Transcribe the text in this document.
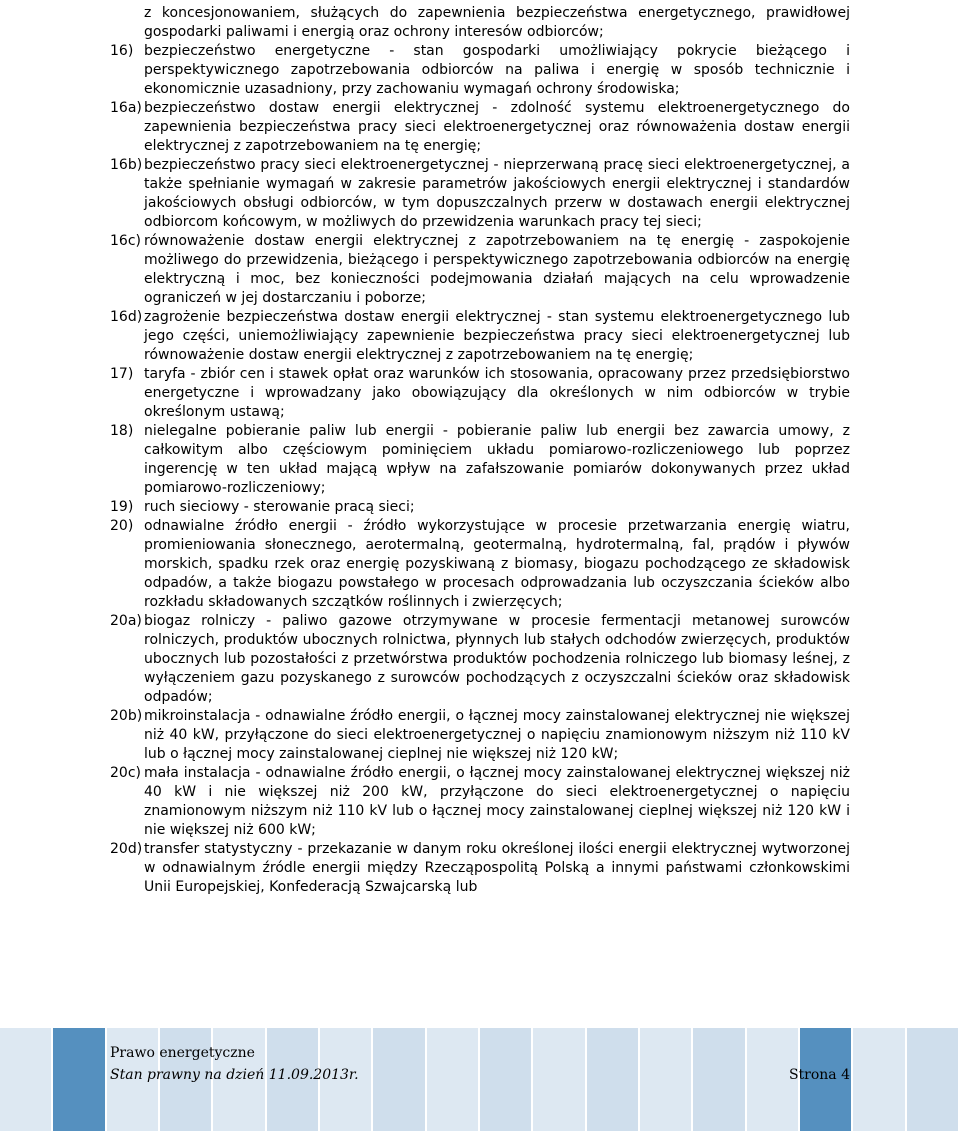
z koncesjonowaniem, służących do zapewnienia bezpieczeństwa energetycznego, prawidłowej gospodarki paliwami i energią oraz ochrony interesów odbiorców;
16) bezpieczeństwo energetyczne - stan gospodarki umożliwiający pokrycie bieżącego i perspektywicznego zapotrzebowania odbiorców na paliwa i energię w sposób technicznie i ekonomicznie uzasadniony, przy zachowaniu wymagań ochrony środowiska;
16a) bezpieczeństwo dostaw energii elektrycznej - zdolność systemu elektroenergetycznego do zapewnienia bezpieczeństwa pracy sieci elektroenergetycznej oraz równoważenia dostaw energii elektrycznej z zapotrzebowaniem na tę energię;
16b) bezpieczeństwo pracy sieci elektroenergetycznej - nieprzerwaną pracę sieci elektroenergetycznej, a także spełnianie wymagań w zakresie parametrów jakościowych energii elektrycznej i standardów jakościowych obsługi odbiorców, w tym dopuszczalnych przerw w dostawach energii elektrycznej odbiorcom końcowym, w możliwych do przewidzenia warunkach pracy tej sieci;
16c) równoważenie dostaw energii elektrycznej z zapotrzebowaniem na tę energię - zaspokojenie możliwego do przewidzenia, bieżącego i perspektywicznego zapotrzebowania odbiorców na energię elektryczną i moc, bez konieczności podejmowania działań mających na celu wprowadzenie ograniczeń w jej dostarczaniu i poborze;
16d) zagrożenie bezpieczeństwa dostaw energii elektrycznej - stan systemu elektroenergetycznego lub jego części, uniemożliwiający zapewnienie bezpieczeństwa pracy sieci elektroenergetycznej lub równoważenie dostaw energii elektrycznej z zapotrzebowaniem na tę energię;
17) taryfa - zbiór cen i stawek opłat oraz warunków ich stosowania, opracowany przez przedsiębiorstwo energetyczne i wprowadzany jako obowiązujący dla określonych w nim odbiorców w trybie określonym ustawą;
18) nielegalne pobieranie paliw lub energii - pobieranie paliw lub energii bez zawarcia umowy, z całkowitym albo częściowym pominięciem układu pomiarowo-rozliczeniowego lub poprzez ingerencję w ten układ mającą wpływ na zafałszowanie pomiarów dokonywanych przez układ pomiarowo-rozliczeniowy;
19) ruch sieciowy - sterowanie pracą sieci;
20) odnawialne źródło energii - źródło wykorzystujące w procesie przetwarzania energię wiatru, promieniowania słonecznego, aerotermalną, geotermalną, hydrotermalną, fal, prądów i pływów morskich, spadku rzek oraz energię pozyskiwaną z biomasy, biogazu pochodzącego ze składowisk odpadów, a także biogazu powstałego w procesach odprowadzania lub oczyszczania ścieków albo rozkładu składowanych szczątków roślinnych i zwierzęcych;
20a) biogaz rolniczy - paliwo gazowe otrzymywane w procesie fermentacji metanowej surowców rolniczych, produktów ubocznych rolnictwa, płynnych lub stałych odchodów zwierzęcych, produktów ubocznych lub pozostałości z przetwórstwa produktów pochodzenia rolniczego lub biomasy leśnej, z wyłączeniem gazu pozyskanego z surowców pochodzących z oczyszczalni ścieków oraz składowisk odpadów;
20b) mikroinstalacja - odnawialne źródło energii, o łącznej mocy zainstalowanej elektrycznej nie większej niż 40 kW, przyłączone do sieci elektroenergetycznej o napięciu znamionowym niższym niż 110 kV lub o łącznej mocy zainstalowanej cieplnej nie większej niż 120 kW;
20c) mała instalacja - odnawialne źródło energii, o łącznej mocy zainstalowanej elektrycznej większej niż 40 kW i nie większej niż 200 kW, przyłączone do sieci elektroenergetycznej o napięciu znamionowym niższym niż 110 kV lub o łącznej mocy zainstalowanej cieplnej większej niż 120 kW i nie większej niż 600 kW;
20d) transfer statystyczny - przekazanie w danym roku określonej ilości energii elektrycznej wytworzonej w odnawialnym źródle energii między Rzecząpospolitą Polską a innymi państwami członkowskimi Unii Europejskiej, Konfederacją Szwajcarską lub
Prawo energetyczne
Stan prawny na dzień 11.09.2013r.	Strona 4
